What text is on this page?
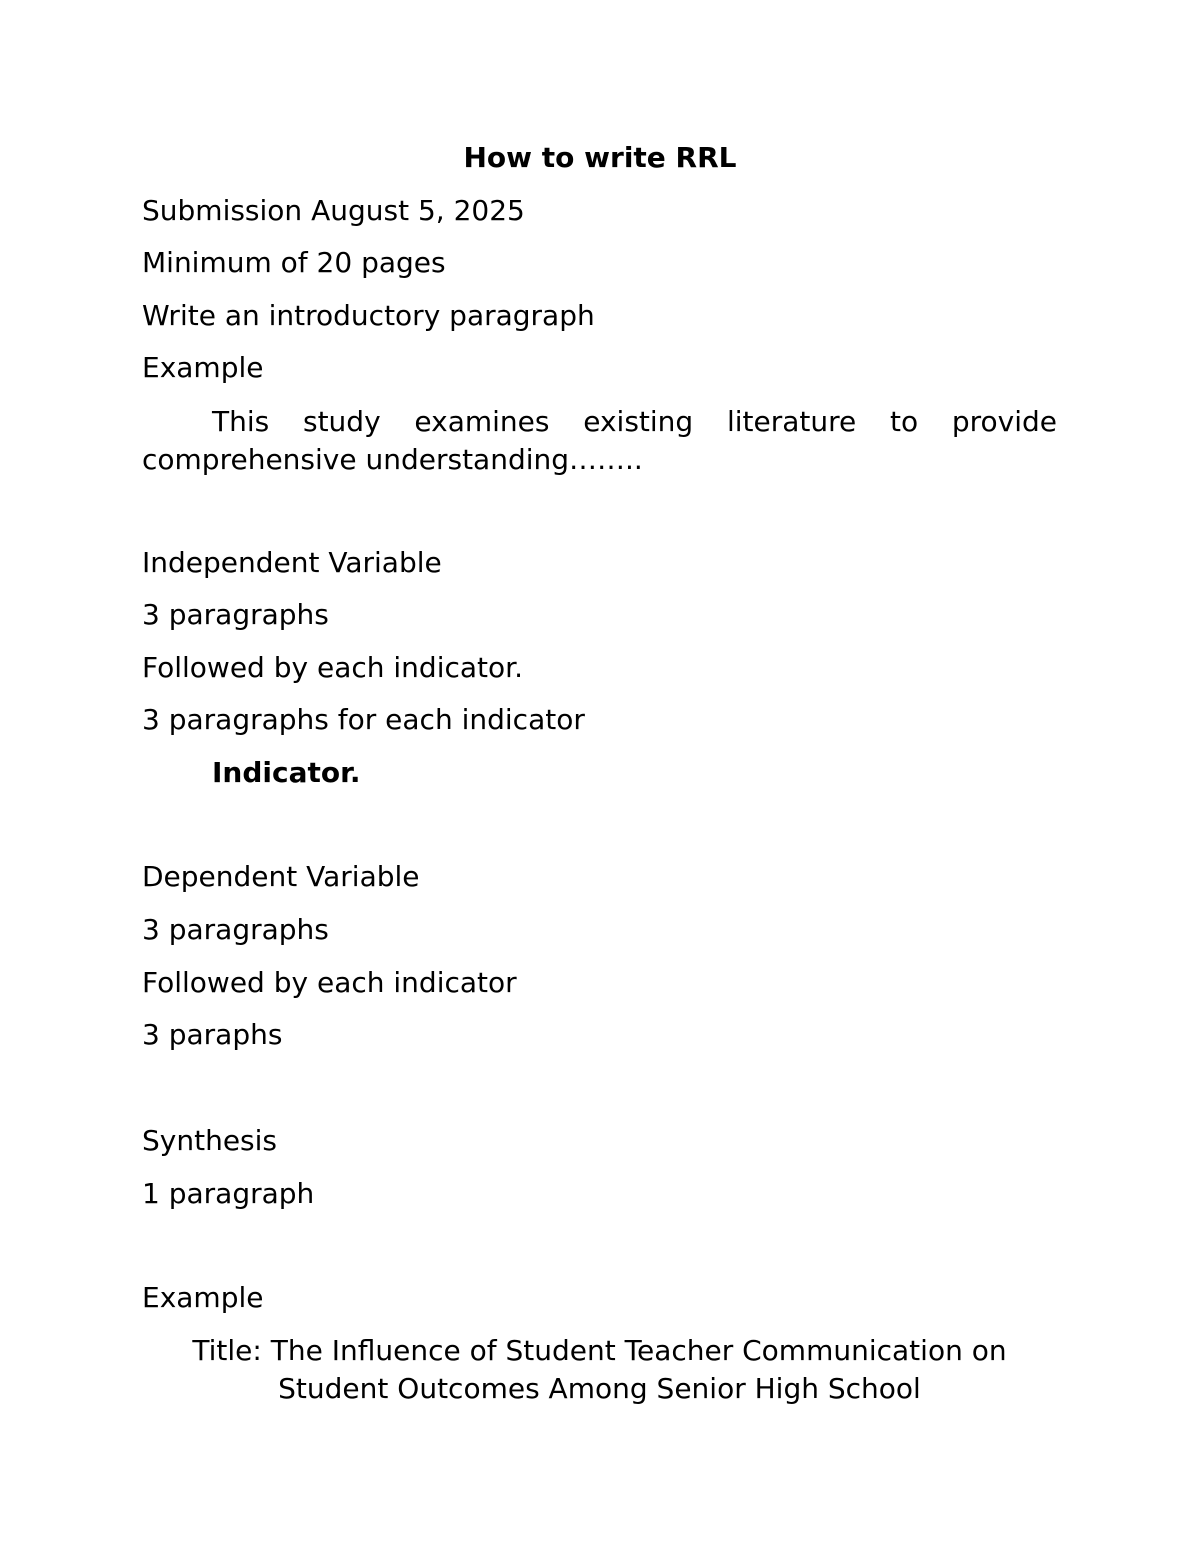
How to write RRL
Submission August 5, 2025
Minimum of 20 pages
Write an introductory paragraph
Example
This study examines existing literature to provide
comprehensive understanding……..
Independent Variable
3 paragraphs
Followed by each indicator.
3 paragraphs for each indicator
Indicator.
Dependent Variable
3 paragraphs
Followed by each indicator
3 paraphs
Synthesis
1 paragraph
Example
Title: The Influence of Student Teacher Communication on
Student Outcomes Among Senior High School
